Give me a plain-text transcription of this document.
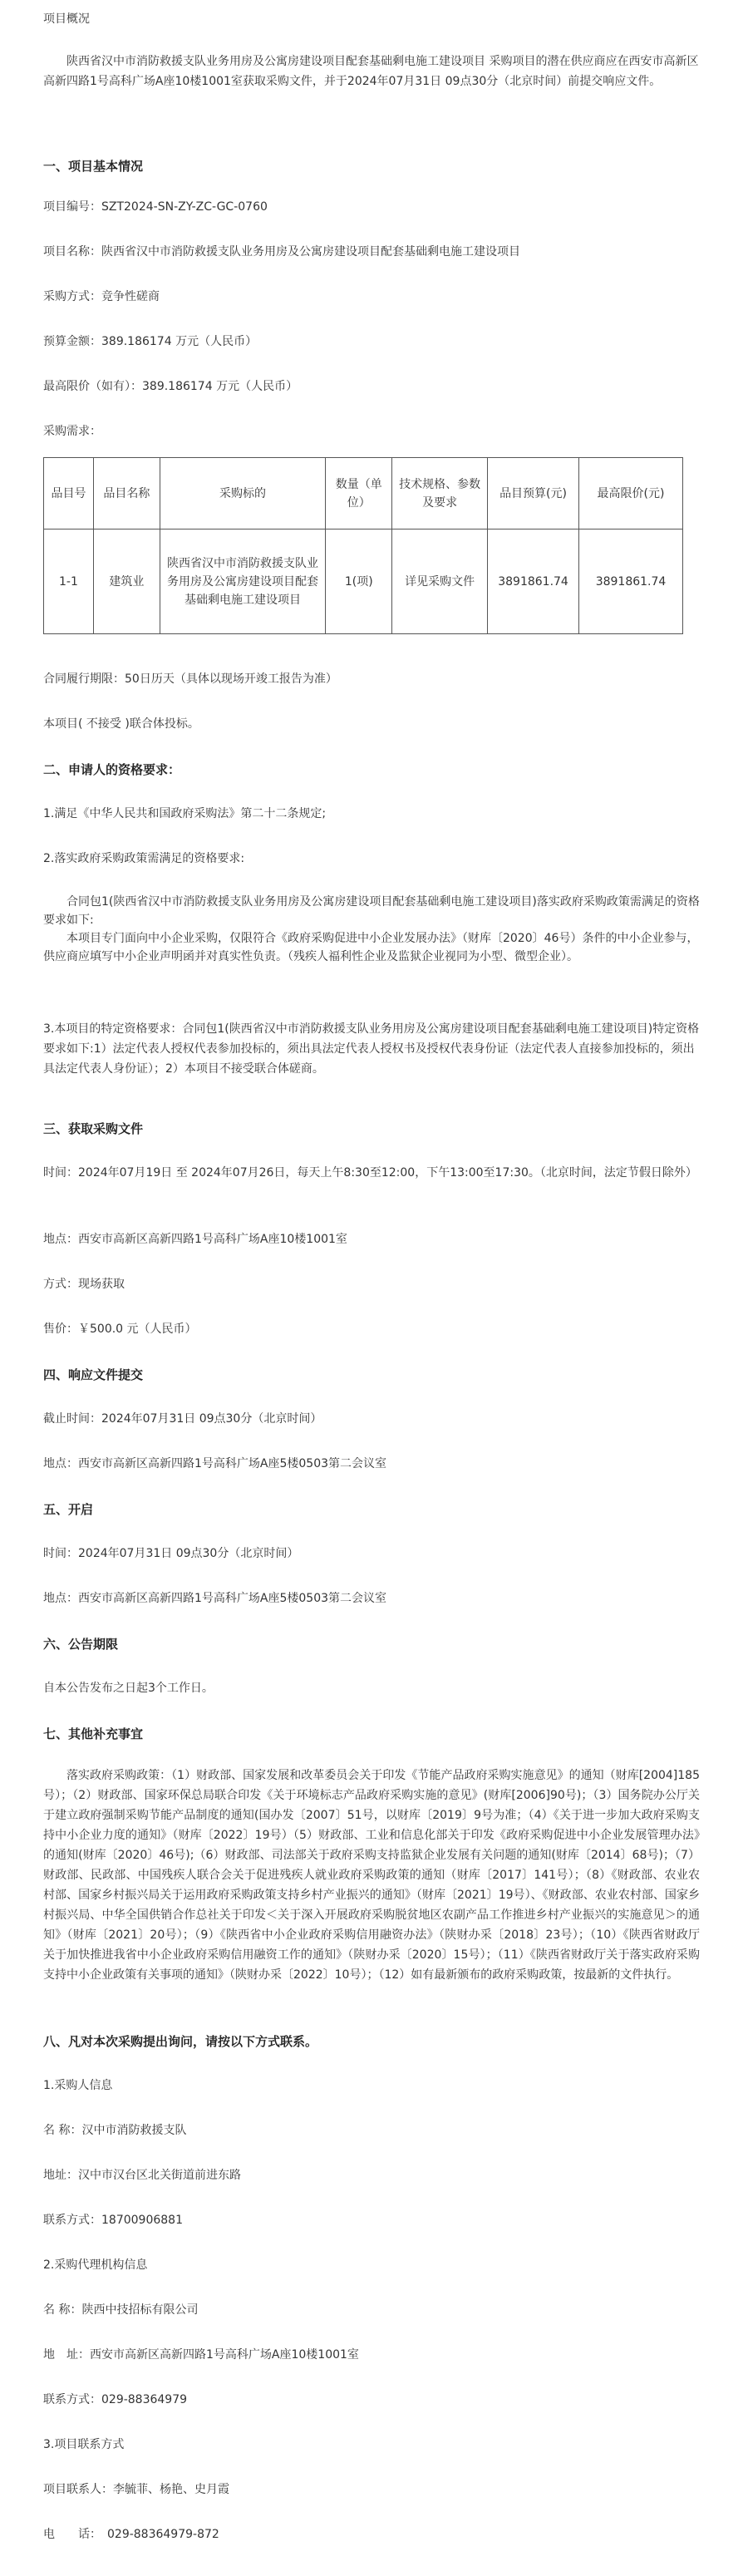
项目概况

陕西省汉中市消防救援支队业务用房及公寓房建设项目配套基础剩电施工建设项目 采购项目的潜在供应商应在西安市高新区高新四路1号高科广场A座10楼1001室获取采购文件，并于2024年07月31日 09点30分（北京时间）前提交响应文件。

一、项目基本情况

项目编号：SZT2024-SN-ZY-ZC-GC-0760

项目名称：陕西省汉中市消防救援支队业务用房及公寓房建设项目配套基础剩电施工建设项目

采购方式：竞争性磋商

预算金额：389.186174 万元（人民币）

最高限价（如有）：389.186174 万元（人民币）

采购需求：

品目号	品目名称	采购标的	数量（单位）	技术规格、参数及要求	品目预算(元)	最高限价(元)
1-1	建筑业	陕西省汉中市消防救援支队业务用房及公寓房建设项目配套基础剩电施工建设项目	1(项)	详见采购文件	3891861.74	3891861.74

合同履行期限：50日历天（具体以现场开竣工报告为准）

本项目( 不接受 )联合体投标。

二、申请人的资格要求：

1.满足《中华人民共和国政府采购法》第二十二条规定;

2.落实政府采购政策需满足的资格要求:

合同包1(陕西省汉中市消防救援支队业务用房及公寓房建设项目配套基础剩电施工建设项目)落实政府采购政策需满足的资格要求如下:

本项目专门面向中小企业采购，仅限符合《政府采购促进中小企业发展办法》（财库〔2020〕46号）条件的中小企业参与，供应商应填写中小企业声明函并对真实性负责。（残疾人福利性企业及监狱企业视同为小型、微型企业）。

3.本项目的特定资格要求：合同包1(陕西省汉中市消防救援支队业务用房及公寓房建设项目配套基础剩电施工建设项目)特定资格要求如下:1）法定代表人授权代表参加投标的，须出具法定代表人授权书及授权代表身份证（法定代表人直接参加投标的，须出具法定代表人身份证）；2）本项目不接受联合体磋商。

三、获取采购文件

时间：2024年07月19日 至 2024年07月26日，每天上午8:30至12:00，下午13:00至17:30。（北京时间，法定节假日除外）

地点：西安市高新区高新四路1号高科广场A座10楼1001室

方式：现场获取

售价：￥500.0 元（人民币）

四、响应文件提交

截止时间：2024年07月31日 09点30分（北京时间）

地点：西安市高新区高新四路1号高科广场A座5楼0503第二会议室

五、开启

时间：2024年07月31日 09点30分（北京时间）

地点：西安市高新区高新四路1号高科广场A座5楼0503第二会议室

六、公告期限

自本公告发布之日起3个工作日。

七、其他补充事宜

落实政府采购政策：（1）财政部、国家发展和改革委员会关于印发《节能产品政府采购实施意见》的通知（财库[2004]185号）；（2）财政部、国家环保总局联合印发《关于环境标志产品政府采购实施的意见》(财库[2006]90号)；（3）国务院办公厅关于建立政府强制采购节能产品制度的通知(国办发〔2007〕51号，以财库〔2019〕9号为准；（4）《关于进一步加大政府采购支持中小企业力度的通知》（财库〔2022〕19号）（5）财政部、工业和信息化部关于印发《政府采购促进中小企业发展管理办法》的通知(财库〔2020〕46号);（6）财政部、司法部关于政府采购支持监狱企业发展有关问题的通知(财库〔2014〕68号)；（7）财政部、民政部、中国残疾人联合会关于促进残疾人就业政府采购政策的通知（财库〔2017〕141号）；（8）《财政部、农业农村部、国家乡村振兴局关于运用政府采购政策支持乡村产业振兴的通知》（财库〔2021〕19号）、《财政部、农业农村部、国家乡村振兴局、中华全国供销合作总社关于印发＜关于深入开展政府采购脱贫地区农副产品工作推进乡村产业振兴的实施意见＞的通知》（财库〔2021〕20号）；（9）《陕西省中小企业政府采购信用融资办法》（陕财办采〔2018〕23号）；（10）《陕西省财政厅关于加快推进我省中小企业政府采购信用融资工作的通知》（陕财办采〔2020〕15号）；（11）《陕西省财政厅关于落实政府采购支持中小企业政策有关事项的通知》（陕财办采〔2022〕10号）；（12）如有最新颁布的政府采购政策，按最新的文件执行。

八、凡对本次采购提出询问，请按以下方式联系。

1.采购人信息

名 称：汉中市消防救援支队

地址：汉中市汉台区北关街道前进东路

联系方式：18700906881

2.采购代理机构信息

名 称：陕西中技招标有限公司

地　址：西安市高新区高新四路1号高科广场A座10楼1001室

联系方式：029-88364979

3.项目联系方式

项目联系人：李毓菲、杨艳、史月霞

电　　话：　029-88364979-872
